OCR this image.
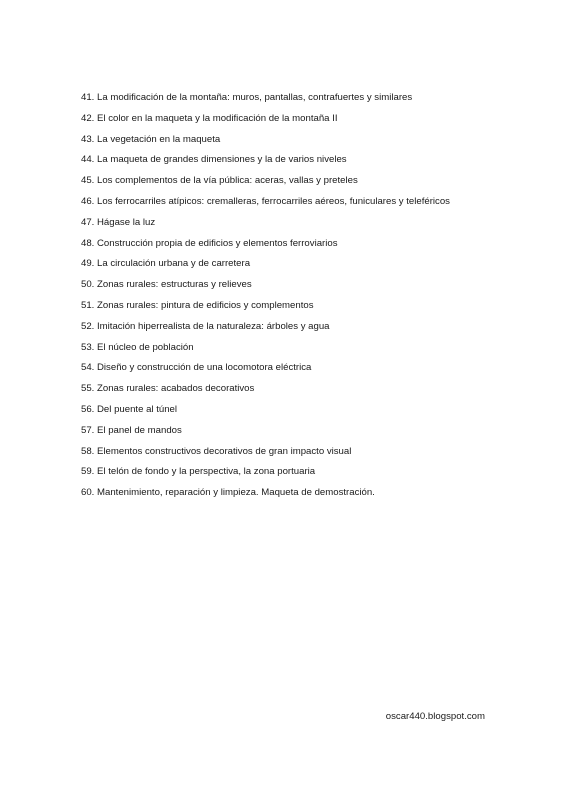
41. La modificación de la montaña: muros, pantallas, contrafuertes y similares
42. El color en la maqueta y la modificación de la montaña II
43. La vegetación en la maqueta
44. La maqueta de grandes dimensiones y la de varios niveles
45. Los complementos de la vía pública: aceras, vallas y preteles
46. Los ferrocarriles atípicos: cremalleras, ferrocarriles aéreos, funiculares y teleféricos
47. Hágase la luz
48. Construcción propia de edificios y elementos ferroviarios
49. La circulación urbana y de carretera
50. Zonas rurales: estructuras y relieves
51. Zonas rurales: pintura de edificios y complementos
52. Imitación hiperrealista de la naturaleza: árboles y agua
53. El núcleo de población
54. Diseño y construcción de una locomotora eléctrica
55. Zonas rurales: acabados decorativos
56. Del puente al túnel
57. El panel de mandos
58. Elementos constructivos decorativos de gran impacto visual
59. El telón de fondo y la perspectiva, la zona portuaria
60. Mantenimiento, reparación y limpieza. Maqueta de demostración.
oscar440.blogspot.com
